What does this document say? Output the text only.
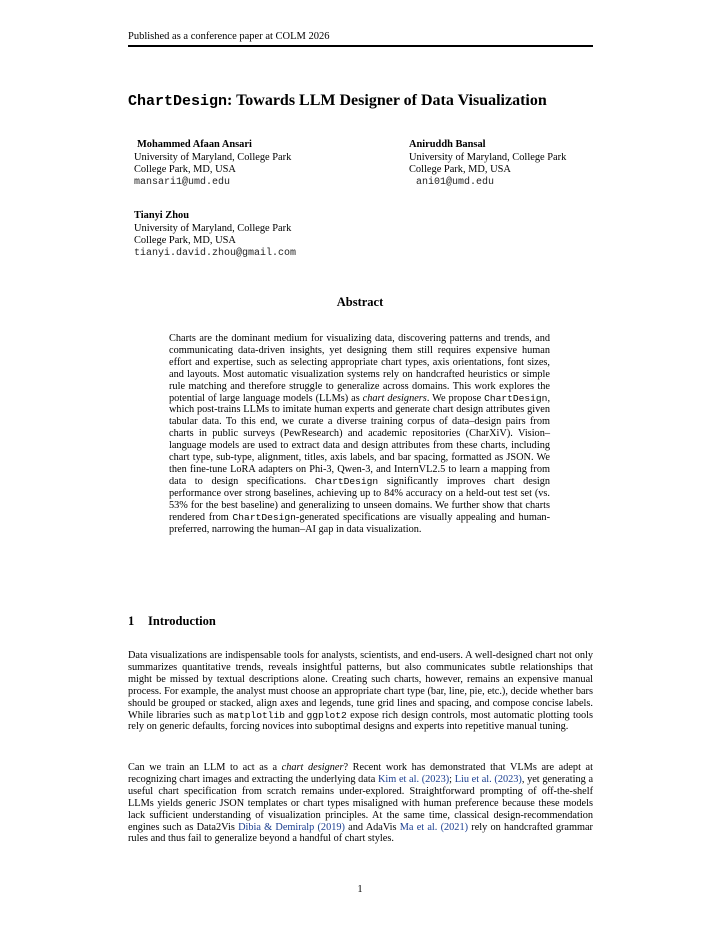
Published as a conference paper at COLM 2026
ChartDesign: Towards LLM Designer of Data Visualization
Mohammed Afaan Ansari
University of Maryland, College Park
College Park, MD, USA
mansari1@umd.edu
Aniruddh Bansal
University of Maryland, College Park
College Park, MD, USA
ani01@umd.edu
Tianyi Zhou
University of Maryland, College Park
College Park, MD, USA
tianyi.david.zhou@gmail.com
Abstract
Charts are the dominant medium for visualizing data, discovering patterns and trends, and communicating data-driven insights, yet designing them still requires expensive human effort and expertise, such as selecting appropriate chart types, axis orientations, font sizes, and layouts. Most automatic visualization systems rely on handcrafted heuristics or simple rule matching and therefore struggle to generalize across domains. This work explores the potential of large language models (LLMs) as chart designers. We propose ChartDesign, which post-trains LLMs to imitate human experts and generate chart design attributes given tabular data. To this end, we curate a diverse training corpus of data–design pairs from charts in public surveys (PewResearch) and academic repositories (CharXiV). Vision–language models are used to extract data and design attributes from these charts, including chart type, sub-type, alignment, titles, axis labels, and bar spacing, formatted as JSON. We then fine-tune LoRA adapters on Phi-3, Qwen-3, and InternVL2.5 to learn a mapping from data to design specifications. ChartDesign significantly improves chart design performance over strong baselines, achieving up to 84% accuracy on a held-out test set (vs. 53% for the best baseline) and generalizing to unseen domains. We further show that charts rendered from ChartDesign-generated specifications are visually appealing and human-preferred, narrowing the human–AI gap in data visualization.
1 Introduction

Data visualizations are indispensable tools for analysts, scientists, and end-users. A well-designed chart not only summarizes quantitative trends, reveals insightful patterns, but also communicates subtle relationships that might be missed by textual descriptions alone. Creating such charts, however, remains an expensive manual process. For example, the analyst must choose an appropriate chart type (bar, line, pie, etc.), decide whether bars should be grouped or stacked, align axes and legends, tune grid lines and spacing, and compose concise labels. While libraries such as matplotlib and ggplot2 expose rich design controls, most automatic plotting tools rely on generic defaults, forcing novices into suboptimal designs and experts into repetitive manual tuning.

Can we train an LLM to act as a chart designer? Recent work has demonstrated that VLMs are adept at recognizing chart images and extracting the underlying data Kim et al. (2023); Liu et al. (2023), yet generating a useful chart specification from scratch remains under-explored. Straightforward prompting of off-the-shelf LLMs yields generic JSON templates or chart types misaligned with human preference because these models lack sufficient understanding of visualization principles. At the same time, classical design-recommendation engines such as Data2Vis Dibia & Demiralp (2019) and AdaVis Ma et al. (2021) rely on handcrafted grammar rules and thus fail to generalize beyond a handful of chart styles.

1
